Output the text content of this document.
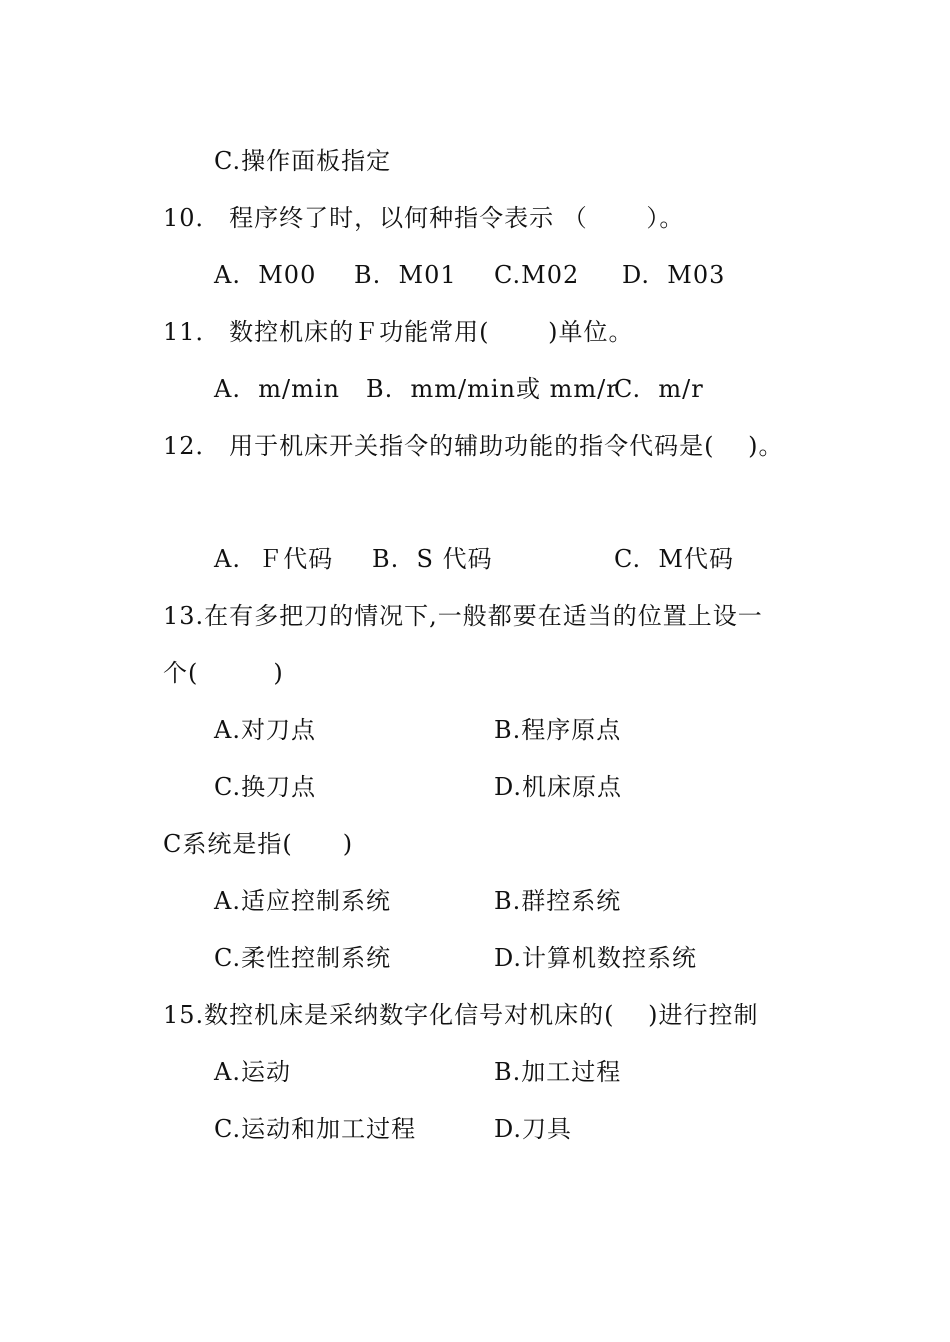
C.操作面板指定
10． 程序终了时，以何种指令表示 （　　 ）。
A.  M00 B.  M01 C.M02 D.  M03
11． 数控机床的Ｆ功能常用(　　 )单位。
A.  m/min B.  mm/min或 mm/r
C.  m/r
12． 用于机床开关指令的辅助功能的指令代码是(　 )。
A.  Ｆ代码 B.  S 代码	C.  M代码
13.在有多把刀的情况下,一般都要在适当的位置上设一
个(　　　)
A.对刀点	B.程序原点
C.换刀点	D.机床原点
C系统是指(　　)
A.适应控制系统	B.群控系统
C.柔性控制系统	D.计算机数控系统
15.数控机床是采纳数字化信号对机床的(　 )进行控制
A.运动	B.加工过程
C.运动和加工过程	D.刀具
